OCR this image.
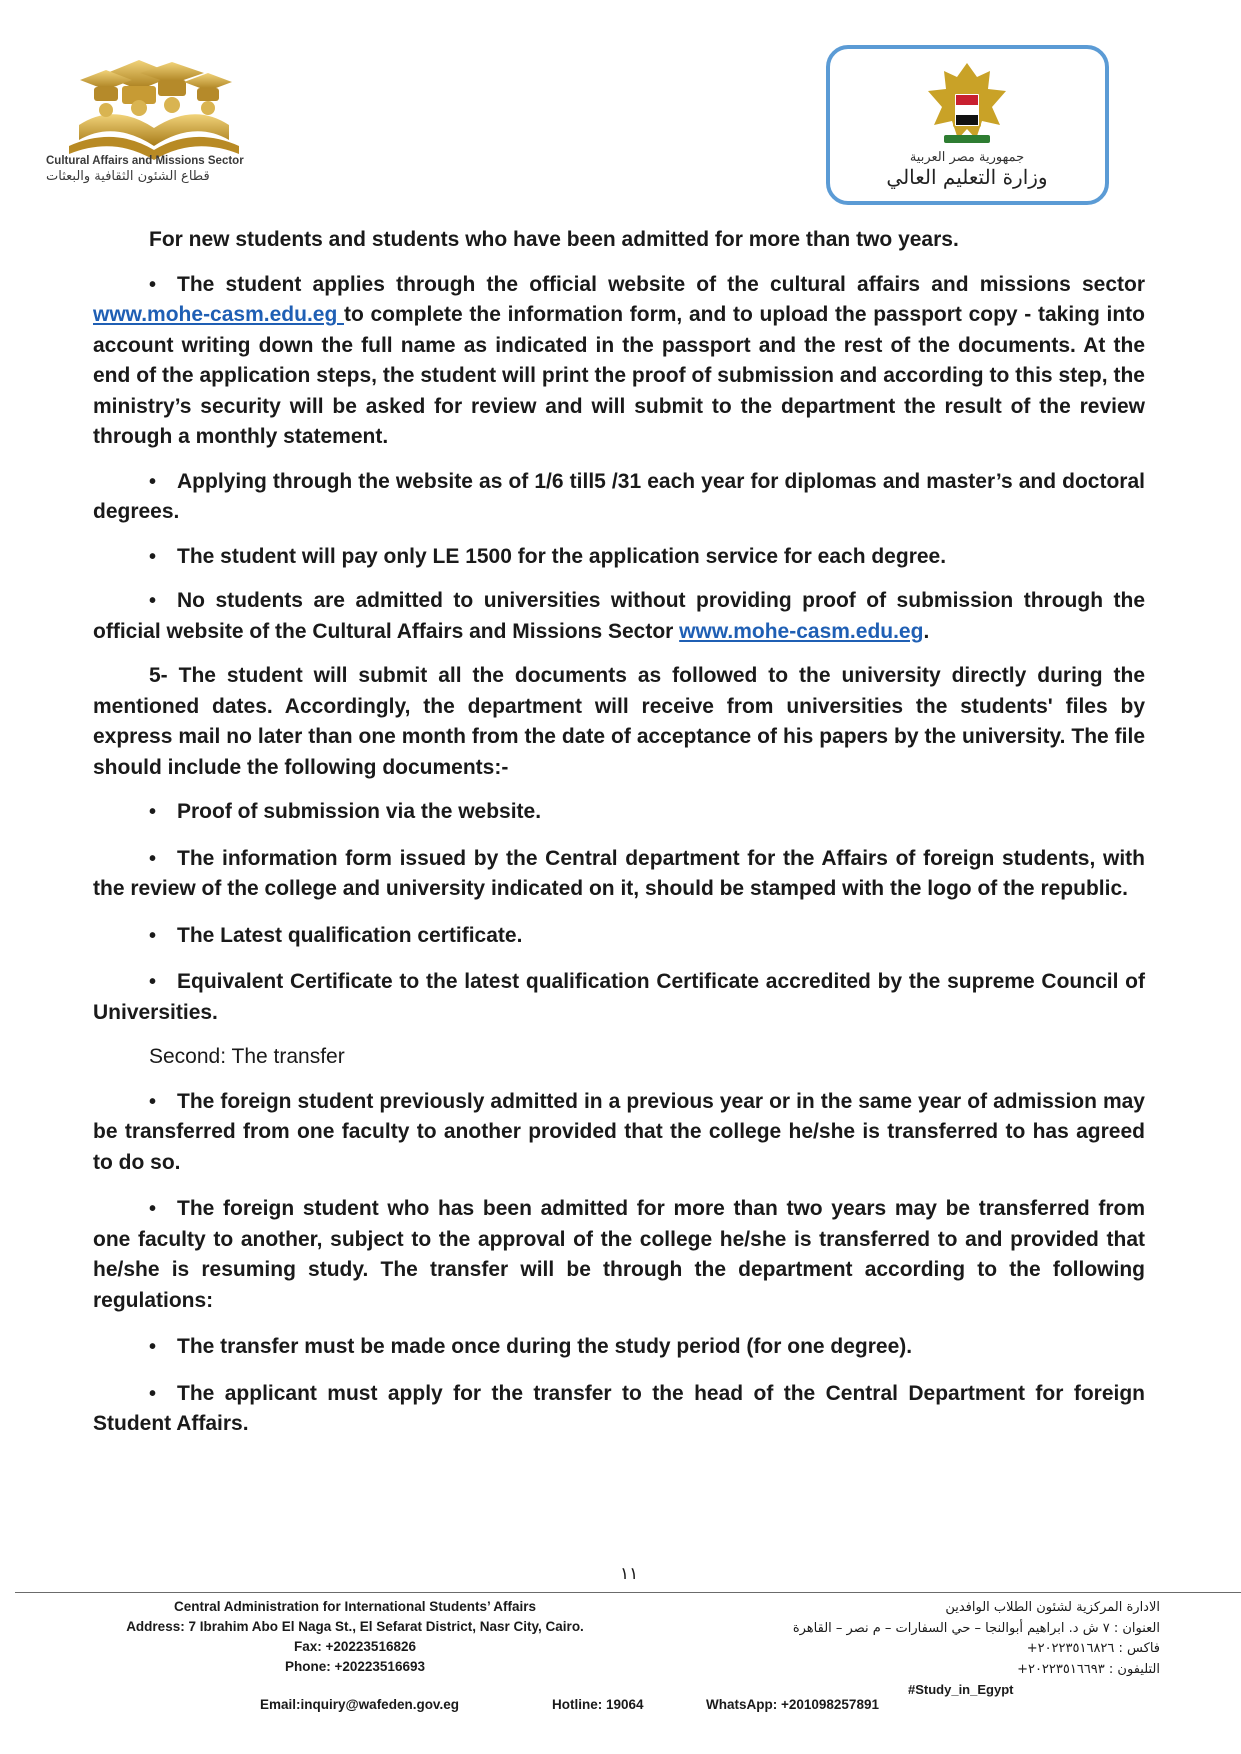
Cultural Affairs and Missions Sector
قطاع الشئون الثقافية والبعثات
جمهورية مصر العربية
وزارة التعليم العالي

For new students and students who have been admitted for more than two years.

• The student applies through the official website of the cultural affairs and missions sector www.mohe-casm.edu.eg to complete the information form, and to upload the passport copy - taking into account writing down the full name as indicated in the passport and the rest of the documents. At the end of the application steps, the student will print the proof of submission and according to this step, the ministry’s security will be asked for review and will submit to the department the result of the review through a monthly statement.

• Applying through the website as of 1/6 till5 /31 each year for diplomas and master’s and doctoral degrees.

• The student will pay only LE 1500 for the application service for each degree.

• No students are admitted to universities without providing proof of submission through the official website of the Cultural Affairs and Missions Sector www.mohe-casm.edu.eg.

5- The student will submit all the documents as followed to the university directly during the mentioned dates. Accordingly, the department will receive from universities the students' files by express mail no later than one month from the date of acceptance of his papers by the university. The file should include the following documents:-

• Proof of submission via the website.

• The information form issued by the Central department for the Affairs of foreign students, with the review of the college and university indicated on it, should be stamped with the logo of the republic.

• The Latest qualification certificate.

• Equivalent Certificate to the latest qualification Certificate accredited by the supreme Council of Universities.

Second: The transfer

• The foreign student previously admitted in a previous year or in the same year of admission may be transferred from one faculty to another provided that the college he/she is transferred to has agreed to do so.

• The foreign student who has been admitted for more than two years may be transferred from one faculty to another, subject to the approval of the college he/she is transferred to and provided that he/she is resuming study. The transfer will be through the department according to the following regulations:

• The transfer must be made once during the study period (for one degree).

• The applicant must apply for the transfer to the head of the Central Department for foreign Student Affairs.

١١
Central Administration for International Students’ Affairs
Address: 7 Ibrahim Abo El Naga St., El Sefarat District, Nasr City, Cairo.
Fax: +20223516826
Phone: +20223516693
الادارة المركزية لشئون الطلاب الوافدين
العنوان : ٧ ش د. ابراهيم أبوالنجا – حي السفارات – م نصر – القاهرة
فاكس : ٢٠٢٢٣٥١٦٨٢٦+
التليفون : ٢٠٢٢٣٥١٦٦٩٣+
#Study_in_Egypt
Email:inquiry@wafeden.gov.eg	Hotline: 19064	WhatsApp: +201098257891
